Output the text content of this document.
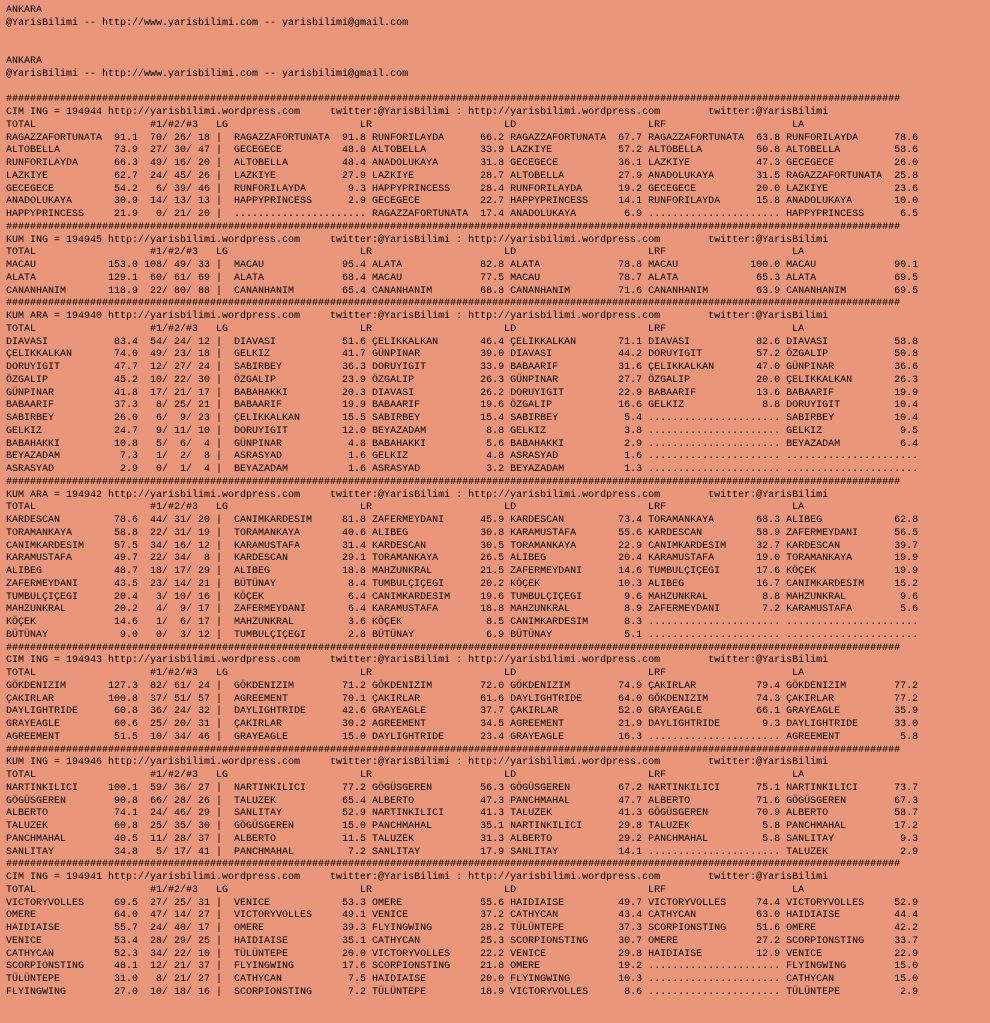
ANKARA
@YarisBilimi -- http://www.yarisbilimi.com -- yarisbilimi@gmail.com

ANKARA
@YarisBilimi -- http://www.yarisbilimi.com -- yarisbilimi@gmail.com

#####################################################################################################################################################
CIM ING = 194944 http://yarisbilimi.wordpress.com     twitter:@YarisBilimi : http://yarisbilimi.wordpress.com        twitter:@YarisBilimi
TOTAL                   #1/#2/#3   LG                      LR                      LD                      LRF                     LA
RAGAZZAFORTUNATA  91.1  70/ 26/ 18 |  RAGAZZAFORTUNATA  91.8 RUNFORILAYDA      66.2 RAGAZZAFORTUNATA  67.7 RAGAZZAFORTUNATA  63.8 RUNFORILAYDA      78.6
ALTOBELLA         73.9  27/ 30/ 47 |  GECEGECE          48.8 ALTOBELLA         33.9 LAZKIYE           57.2 ALTOBELLA         50.8 ALTOBELLA         58.6
RUNFORILAYDA      66.3  49/ 16/ 20 |  ALTOBELLA         48.4 ANADOLUKAYA       31.8 GECEGECE          36.1 LAZKIYE           47.3 GECEGECE          26.0
LAZKIYE           62.7  24/ 45/ 26 |  LAZKIYE           27.9 LAZKIYE           28.7 ALTOBELLA         27.9 ANADOLUKAYA       31.5 RAGAZZAFORTUNATA  25.8
GECEGECE          54.2   6/ 39/ 46 |  RUNFORILAYDA       9.3 HAPPYPRINCESS     28.4 RUNFORILAYDA      19.2 GECEGECE          20.0 LAZKIYE           23.6
ANADOLUKAYA       30.9  14/ 13/ 13 |  HAPPYPRINCESS      2.9 GECEGECE          22.7 HAPPYPRINCESS     14.1 RUNFORILAYDA      15.8 ANADOLUKAYA       10.0
HAPPYPRINCESS     21.9   0/ 21/ 20 |  ...................... RAGAZZAFORTUNATA  17.4 ANADOLUKAYA        6.9 ...................... HAPPYPRINCESS      6.5
#####################################################################################################################################################
KUM ING = 194945 http://yarisbilimi.wordpress.com     twitter:@YarisBilimi : http://yarisbilimi.wordpress.com        twitter:@YarisBilimi
TOTAL                   #1/#2/#3   LG                      LR                      LD                      LRF                     LA
MACAU            153.0 108/ 49/ 33 |  MACAU             95.4 ALATA             82.8 ALATA             78.8 MACAU            100.0 MACAU             90.1
ALATA            129.1  60/ 61/ 69 |  ALATA             68.4 MACAU             77.5 MACAU             78.7 ALATA             65.3 ALATA             69.5
CANANHANIM       118.9  22/ 80/ 88 |  CANANHANIM        65.4 CANANHANIM        68.8 CANANHANIM        71.6 CANANHANIM        63.9 CANANHANIM        69.5
#####################################################################################################################################################
KUM ARA = 194940 http://yarisbilimi.wordpress.com     twitter:@YarisBilimi : http://yarisbilimi.wordpress.com        twitter:@YarisBilimi
TOTAL                   #1/#2/#3   LG                      LR                      LD                      LRF                     LA
DIAVASI           83.4  54/ 24/ 12 |  DIAVASI           51.6 ÇELIKKALKAN       46.4 ÇELIKKALKAN       71.1 DIAVASI           82.6 DIAVASI           58.8
ÇELIKKALKAN       74.0  49/ 23/ 18 |  GELKIZ            41.7 GÜNPINAR          39.0 DIAVASI           44.2 DORUYIGIT         57.2 ÖZGALIP           50.8
DORUYIGIT         47.7  12/ 27/ 24 |  SABIRBEY          36.3 DORUYIGIT         33.9 BABAARIF          31.6 ÇELIKKALKAN       47.0 GÜNPINAR          36.6
ÖZGALIP           45.2  10/ 22/ 30 |  ÖZGALIP           23.9 ÖZGALIP           26.3 GÜNPINAR          27.7 ÖZGALIP           20.0 ÇELIKKALKAN       26.3
GÜNPINAR          41.8  17/ 21/ 17 |  BABAHAKKI         20.3 DIAVASI           26.2 DORUYIGIT         22.9 BABAARIF          13.6 BABAARIF          19.9
BABAARIF          37.3   8/ 25/ 21 |  BABAARIF          19.9 BABAARIF          19.6 ÖZGALIP           16.6 GELKIZ             8.8 DORUYIGIT         10.4
SABIRBEY          26.0   6/  9/ 23 |  ÇELIKKALKAN       15.5 SABIRBEY          15.4 SABIRBEY           5.4 ...................... SABIRBEY          10.4
GELKIZ            24.7   9/ 11/ 10 |  DORUYIGIT         12.0 BEYAZADAM          8.8 GELKIZ             3.8 ...................... GELKIZ             9.5
BABAHAKKI         10.8   5/  6/  4 |  GÜNPINAR           4.8 BABAHAKKI          5.6 BABAHAKKI          2.9 ...................... BEYAZADAM          6.4
BEYAZADAM          7.3   1/  2/  8 |  ASRASYAD           1.6 GELKIZ             4.8 ASRASYAD           1.6 ...................... ......................
ASRASYAD           2.9   0/  1/  4 |  BEYAZADAM          1.6 ASRASYAD           3.2 BEYAZADAM          1.3 ...................... ......................
#####################################################################################################################################################
KUM ARA = 194942 http://yarisbilimi.wordpress.com     twitter:@YarisBilimi : http://yarisbilimi.wordpress.com        twitter:@YarisBilimi
TOTAL                   #1/#2/#3   LG                      LR                      LD                      LRF                     LA
KARDESCAN         78.6  44/ 31/ 20 |  CANIMKARDESIM     81.8 ZAFERMEYDANI      45.9 KARDESCAN         73.4 TORAMANKAYA       68.3 ALIBEG            62.8
TORAMANKAYA       58.8  22/ 31/ 19 |  TORAMANKAYA       40.6 ALIBEG            30.8 KARAMUSTAFA       55.6 KARDESCAN         58.9 ZAFERMEYDANI      56.5
CANIMKARDESIM     57.5  34/ 16/ 12 |  KARAMUSTAFA       31.4 KARDESCAN         30.5 TORAMANKAYA       22.9 CANIMKARDESIM     32.7 KARDESCAN         39.7
KARAMUSTAFA       49.7  22/ 34/  8 |  KARDESCAN         29.1 TORAMANKAYA       26.5 ALIBEG            20.4 KARAMUSTAFA       19.0 TORAMANKAYA       19.9
ALIBEG            48.7  18/ 17/ 29 |  ALIBEG            18.8 MAHZUNKRAL        21.5 ZAFERMEYDANI      14.6 TUMBULÇIÇEGI      17.6 KÖÇEK             19.9
ZAFERMEYDANI      43.5  23/ 14/ 21 |  BÜTÜNAY            8.4 TUMBULÇIÇEGI      20.2 KÖÇEK             10.3 ALIBEG            16.7 CANIMKARDESIM     15.2
TUMBULÇIÇEGI      20.4   3/ 10/ 16 |  KÖÇEK              6.4 CANIMKARDESIM     19.6 TUMBULÇIÇEGI       9.6 MAHZUNKRAL         8.8 MAHZUNKRAL         9.6
MAHZUNKRAL        20.2   4/  9/ 17 |  ZAFERMEYDANI       6.4 KARAMUSTAFA       18.8 MAHZUNKRAL         8.9 ZAFERMEYDANI       7.2 KARAMUSTAFA        5.6
KÖÇEK             14.6   1/  6/ 17 |  MAHZUNKRAL         3.6 KÖÇEK              8.5 CANIMKARDESIM      8.3 ...................... ......................
BÜTÜNAY            9.0   0/  3/ 12 |  TUMBULÇIÇEGI       2.8 BÜTÜNAY            6.9 BÜTÜNAY            5.1 ...................... ......................
#####################################################################################################################################################
CIM ING = 194943 http://yarisbilimi.wordpress.com     twitter:@YarisBilimi : http://yarisbilimi.wordpress.com        twitter:@YarisBilimi
TOTAL                   #1/#2/#3   LG                      LR                      LD                      LRF                     LA
GÖKDENIZIM       127.3  82/ 61/ 24 |  GÖKDENIZIM        71.2 GÖKDENIZIM        72.0 GÖKDENIZIM        74.9 ÇAKIRLAR          79.4 GÖKDENIZIM        77.2
ÇAKIRLAR         100.8  37/ 51/ 57 |  AGREEMENT         70.1 ÇAKIRLAR          61.6 DAYLIGHTRIDE      64.0 GÖKDENIZIM        74.3 ÇAKIRLAR          77.2
DAYLIGHTRIDE      60.8  36/ 24/ 32 |  DAYLIGHTRIDE      42.6 GRAYEAGLE         37.7 ÇAKIRLAR          52.0 GRAYEAGLE         66.1 GRAYEAGLE         35.9
GRAYEAGLE         60.6  25/ 20/ 31 |  ÇAKIRLAR          30.2 AGREEMENT         34.5 AGREEMENT         21.9 DAYLIGHTRIDE       9.3 DAYLIGHTRIDE      33.0
AGREEMENT         51.5  10/ 34/ 46 |  GRAYEAGLE         15.0 DAYLIGHTRIDE      23.4 GRAYEAGLE         16.3 ...................... AGREEMENT          5.8
#####################################################################################################################################################
KUM ING = 194946 http://yarisbilimi.wordpress.com     twitter:@YarisBilimi : http://yarisbilimi.wordpress.com        twitter:@YarisBilimi
TOTAL                   #1/#2/#3   LG                      LR                      LD                      LRF                     LA
NARTINKILICI     100.1  59/ 36/ 27 |  NARTINKILICI      77.2 GÖGÜSGEREN        56.3 GÖGÜSGEREN        67.2 NARTINKILICI      75.1 NARTINKILICI      73.7
GÖGÜSGEREN        90.8  66/ 28/ 26 |  TALUZEK           65.4 ALBERTO           47.3 PANCHMAHAL        47.7 ALBERTO           71.6 GÖGÜSGEREN        67.3
ALBERTO           74.1  24/ 46/ 29 |  SANLITAY          52.9 NARTINKILICI      41.3 TALUZEK           41.3 GÖGÜSGEREN        70.9 ALBERTO           58.7
TALUZEK           60.8  25/ 35/ 30 |  GÖGÜSGEREN        15.0 PANCHMAHAL        35.1 NARTINKILICI      29.8 TALUZEK            5.8 PANCHMAHAL        17.2
PANCHMAHAL        40.5  11/ 28/ 37 |  ALBERTO           11.5 TALUZEK           31.3 ALBERTO           29.2 PANCHMAHAL         5.8 SANLITAY           9.3
SANLITAY          34.8   5/ 17/ 41 |  PANCHMAHAL         7.2 SANLITAY          17.9 SANLITAY          14.1 ...................... TALUZEK            2.9
#####################################################################################################################################################
CIM ING = 194941 http://yarisbilimi.wordpress.com     twitter:@YarisBilimi : http://yarisbilimi.wordpress.com        twitter:@YarisBilimi
TOTAL                   #1/#2/#3   LG                      LR                      LD                      LRF                     LA
VICTORYVOLLES     69.5  27/ 25/ 31 |  VENICE            53.3 OMERE             55.6 HAIDIAISE         49.7 VICTORYVOLLES     74.4 VICTORYVOLLES     52.9
OMERE             64.0  47/ 14/ 27 |  VICTORYVOLLES     49.1 VENICE            37.2 CATHYCAN          43.4 CATHYCAN          63.0 HAIDIAISE         44.4
HAIDIAISE         55.7  24/ 40/ 17 |  OMERE             39.3 FLYINGWING        28.2 TÜLÜNTEPE         37.3 SCORPIONSTING     51.6 OMERE             42.2
VENICE            53.4  28/ 29/ 25 |  HAIDIAISE         35.1 CATHYCAN          25.3 SCORPIONSTING     30.7 OMERE             27.2 SCORPIONSTING     33.7
CATHYCAN          52.3  34/ 22/ 10 |  TÜLÜNTEPE         20.0 VICTORYVOLLES     22.2 VENICE            29.8 HAIDIAISE         12.9 VENICE            22.9
SCORPIONSTING     48.1  12/ 21/ 37 |  FLYINGWING        17.6 SCORPIONSTING     21.8 OMERE             19.2 ...................... FLYINGWING        15.0
TÜLÜNTEPE         31.0   8/ 21/ 27 |  CATHYCAN           7.5 HAIDIAISE         20.0 FLYINGWING        10.3 ...................... CATHYCAN          15.0
FLYINGWING        27.0  10/ 18/ 16 |  SCORPIONSTING      7.2 TÜLÜNTEPE         18.9 VICTORYVOLLES      8.6 ...................... TÜLÜNTEPE          2.9
